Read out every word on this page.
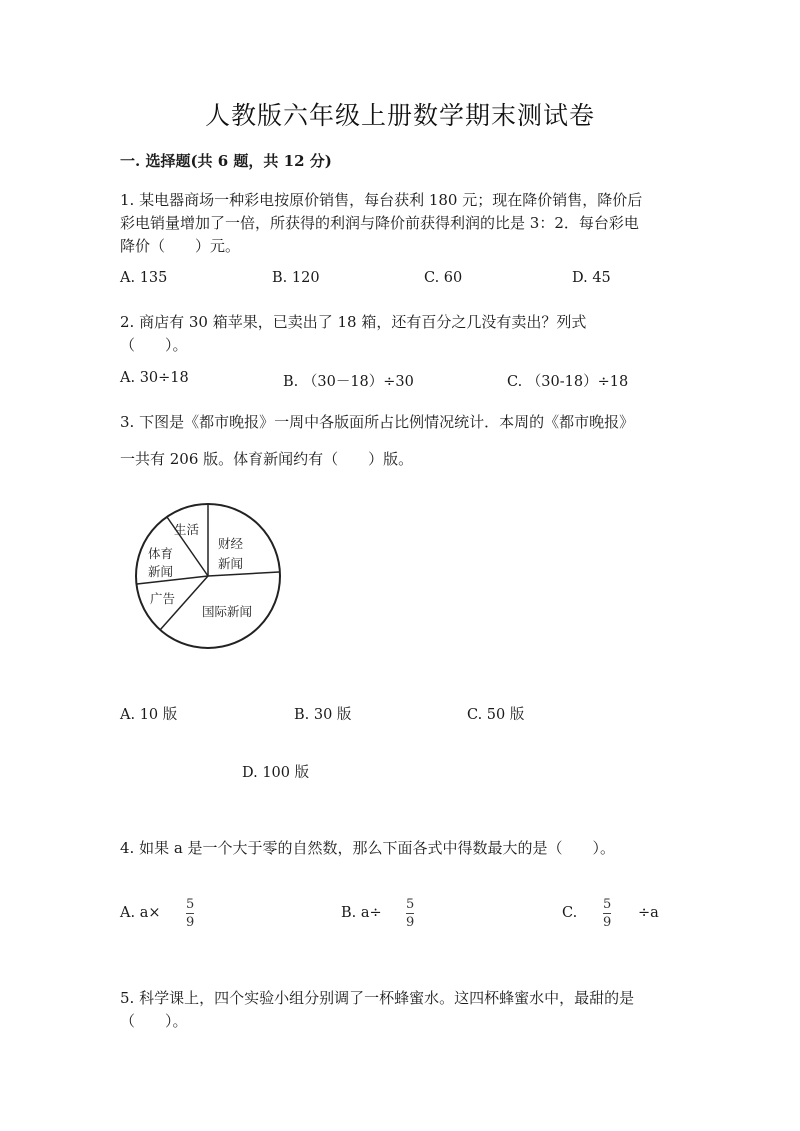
人教版六年级上册数学期末测试卷
一. 选择题(共 6 题，共 12 分)
1. 某电器商场一种彩电按原价销售，每台获利 180 元；现在降价销售，降价后
彩电销量增加了一倍，所获得的利润与降价前获得利润的比是 3：2．每台彩电
降价（　　）元。
A. 135	B. 120	C. 60	D. 45
2. 商店有 30 箱苹果，已卖出了 18 箱，还有百分之几没有卖出？列式
（　　）。
A. 30÷18	B. （30－18）÷30	C. （30-18）÷18
3. 下图是《都市晚报》一周中各版面所占比例情况统计．本周的《都市晚报》
一共有 206 版。体育新闻约有（　　）版。
生活
财经
新闻
体育
新闻
广告
国际新闻
A. 10 版	B. 30 版	C. 50 版
D. 100 版
4. 如果 a 是一个大于零的自然数，那么下面各式中得数最大的是（　　）。
A. a×
5
9
B. a÷
5
9
C.
5
9
÷a
5. 科学课上，四个实验小组分别调了一杯蜂蜜水。这四杯蜂蜜水中，最甜的是
（　　）。
